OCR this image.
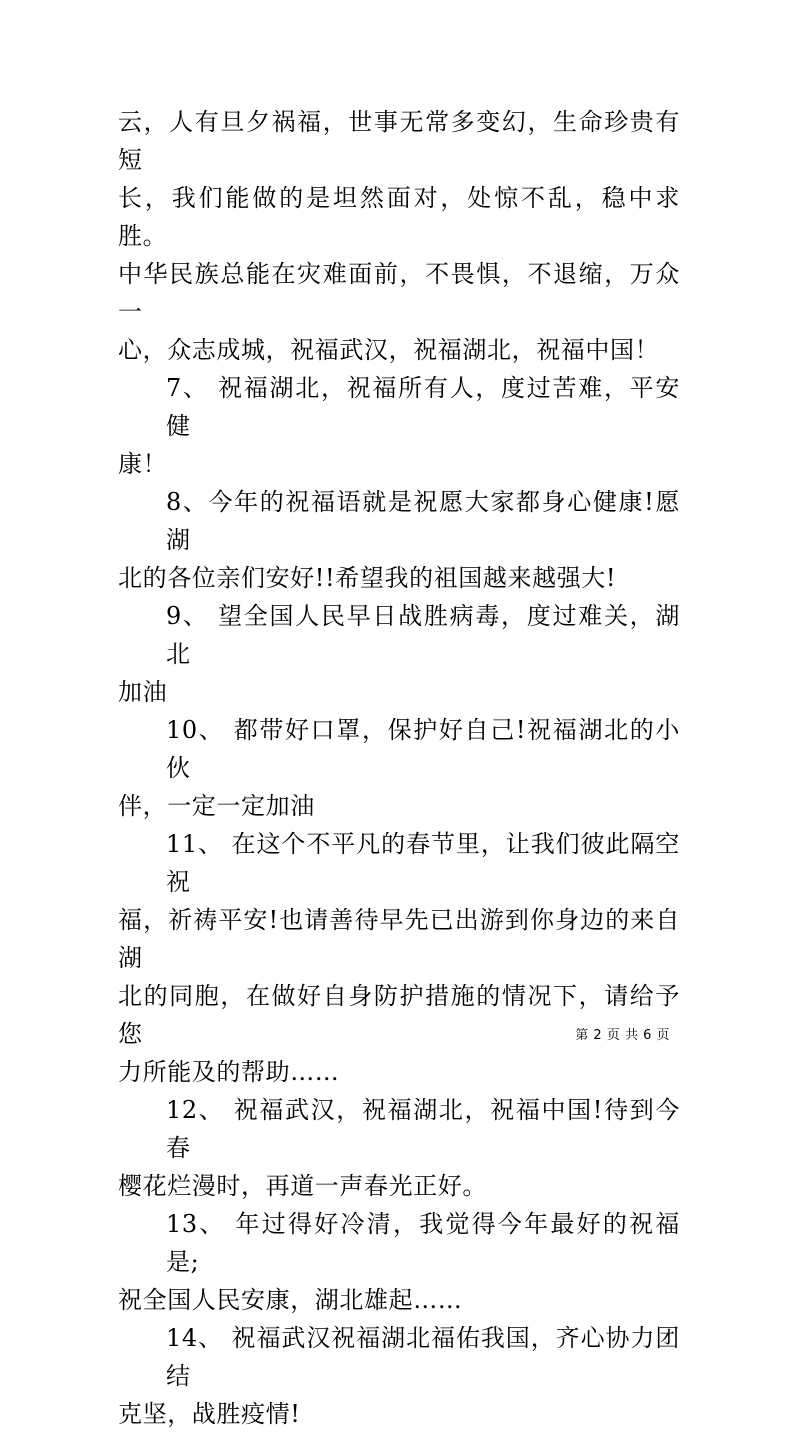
云，人有旦夕祸福，世事无常多变幻，生命珍贵有短
长，我们能做的是坦然面对，处惊不乱，稳中求胜。
中华民族总能在灾难面前，不畏惧，不退缩，万众一
心，众志成城，祝福武汉，祝福湖北，祝福中国！

7、 祝福湖北，祝福所有人，度过苦难，平安健
康！

8、今年的祝福语就是祝愿大家都身心健康!愿湖
北的各位亲们安好!!希望我的祖国越来越强大!

9、 望全国人民早日战胜病毒，度过难关，湖北
加油

10、 都带好口罩，保护好自己!祝福湖北的小伙
伴，一定一定加油

11、 在这个不平凡的春节里，让我们彼此隔空祝
福，祈祷平安!也请善待早先已出游到你身边的来自湖
北的同胞，在做好自身防护措施的情况下，请给予您
力所能及的帮助……

12、 祝福武汉，祝福湖北，祝福中国!待到今春
樱花烂漫时，再道一声春光正好。

13、 年过得好冷清，我觉得今年最好的祝福是;
祝全国人民安康，湖北雄起……

14、 祝福武汉祝福湖北福佑我国，齐心协力团结
克坚，战胜疫情!

第 2 页 共 6 页
